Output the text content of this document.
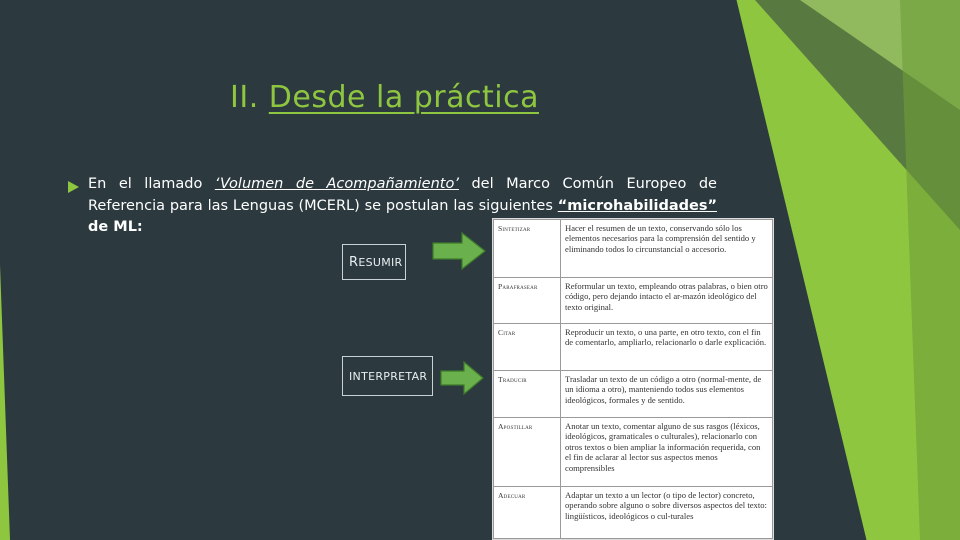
II. Desde la práctica

En el llamado ‘Volumen de Acompañamiento’ del Marco Común Europeo de Referencia para las Lenguas (MCERL) se postulan las siguientes “microhabilidades” de ML:

R ESUMIR
INTERPRETAR
Sintetizar	Hacer el resumen de un texto, conservando sólo los elementos necesarios para la comprensión del sentido y eliminando todos lo circunstancial o accesorio.
Parafrasear	Reformular un texto, empleando otras palabras, o bien otro código, pero dejando intacto el ar-mazón ideológico del texto original.
Citar	Reproducir un texto, o una parte, en otro texto, con el fin de comentarlo, ampliarlo, relacionarlo o darle explicación.
Traducir	Trasladar un texto de un código a otro (normal-mente, de un idioma a otro), manteniendo todos sus elementos ideológicos, formales y de sentido.
Apostillar	Anotar un texto, comentar alguno de sus rasgos (léxicos, ideológicos, gramaticales o culturales), relacionarlo con otros textos o bien ampliar la información requerida, con el fin de aclarar al lector sus aspectos menos comprensibles
Adecuar	Adaptar un texto a un lector (o tipo de lector) concreto, operando sobre alguno o sobre diversos aspectos del texto: lingüísticos, ideológicos o cul-turales
